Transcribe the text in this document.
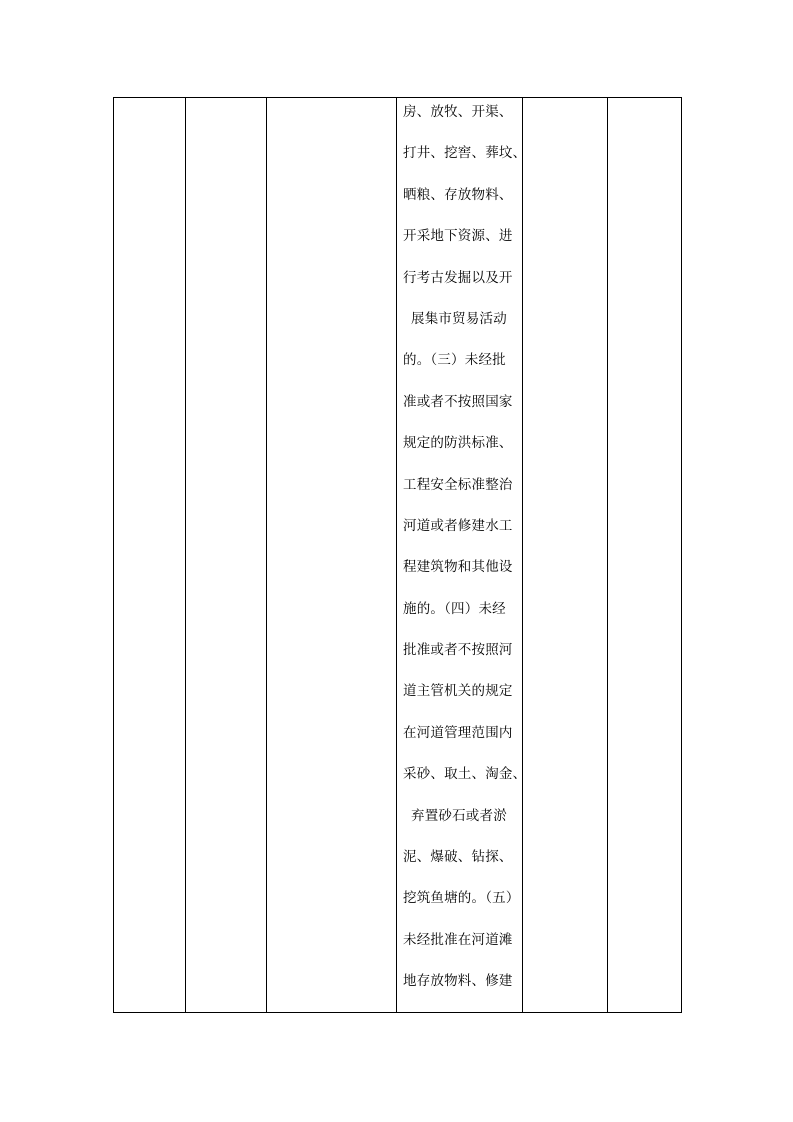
房、放牧、开渠、
打井、挖窖、葬坟、
晒粮、存放物料、
开采地下资源、进
行考古发掘以及开
展集市贸易活动
的。（三）未经批
准或者不按照国家
规定的防洪标准、
工程安全标准整治
河道或者修建水工
程建筑物和其他设
施的。（四）未经
批准或者不按照河
道主管机关的规定
在河道管理范围内
采砂、取土、淘金、
弃置砂石或者淤
泥、爆破、钻探、
挖筑鱼塘的。（五）
未经批准在河道滩
地存放物料、修建
